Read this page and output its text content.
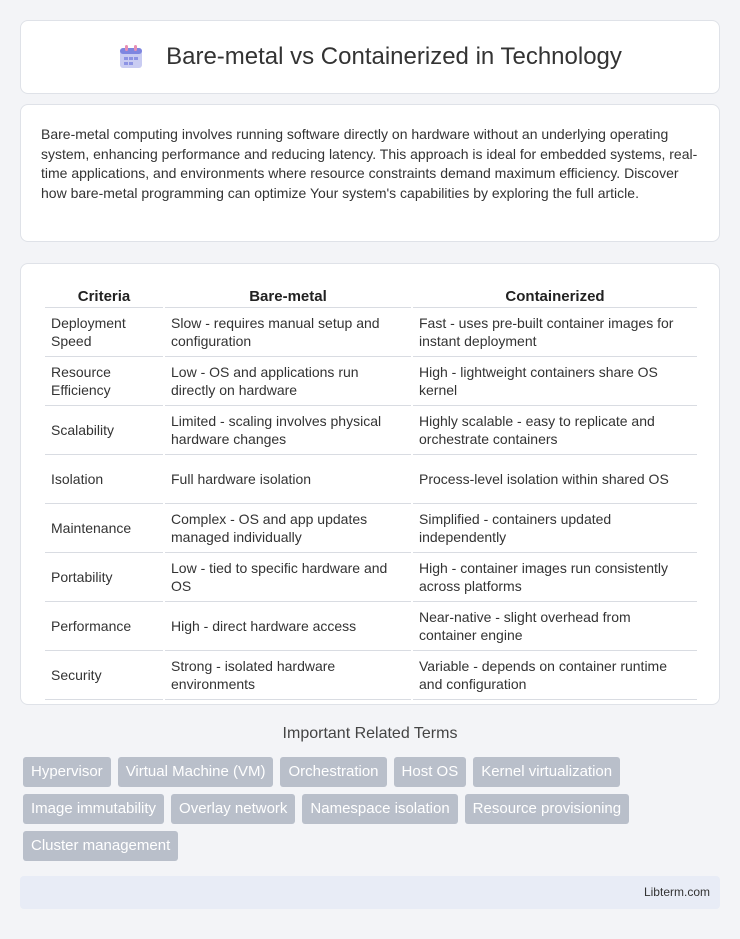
Bare-metal vs Containerized in Technology

Bare-metal computing involves running software directly on hardware without an underlying operating system, enhancing performance and reducing latency. This approach is ideal for embedded systems, real-time applications, and environments where resource constraints demand maximum efficiency. Discover how bare-metal programming can optimize Your system's capabilities by exploring the full article.

Criteria	Bare-metal	Containerized
Deployment Speed	Slow - requires manual setup and configuration	Fast - uses pre-built container images for instant deployment
Resource Efficiency	Low - OS and applications run directly on hardware	High - lightweight containers share OS kernel
Scalability	Limited - scaling involves physical hardware changes	Highly scalable - easy to replicate and orchestrate containers
Isolation	Full hardware isolation	Process-level isolation within shared OS
Maintenance	Complex - OS and app updates managed individually	Simplified - containers updated independently
Portability	Low - tied to specific hardware and OS	High - container images run consistently across platforms
Performance	High - direct hardware access	Near-native - slight overhead from container engine
Security	Strong - isolated hardware environments	Variable - depends on container runtime and configuration
Important Related Terms
Hypervisor	Virtual Machine (VM)	Orchestration	Host OS	Kernel virtualization
Image immutability	Overlay network	Namespace isolation	Resource provisioning
Cluster management
Libterm.com
